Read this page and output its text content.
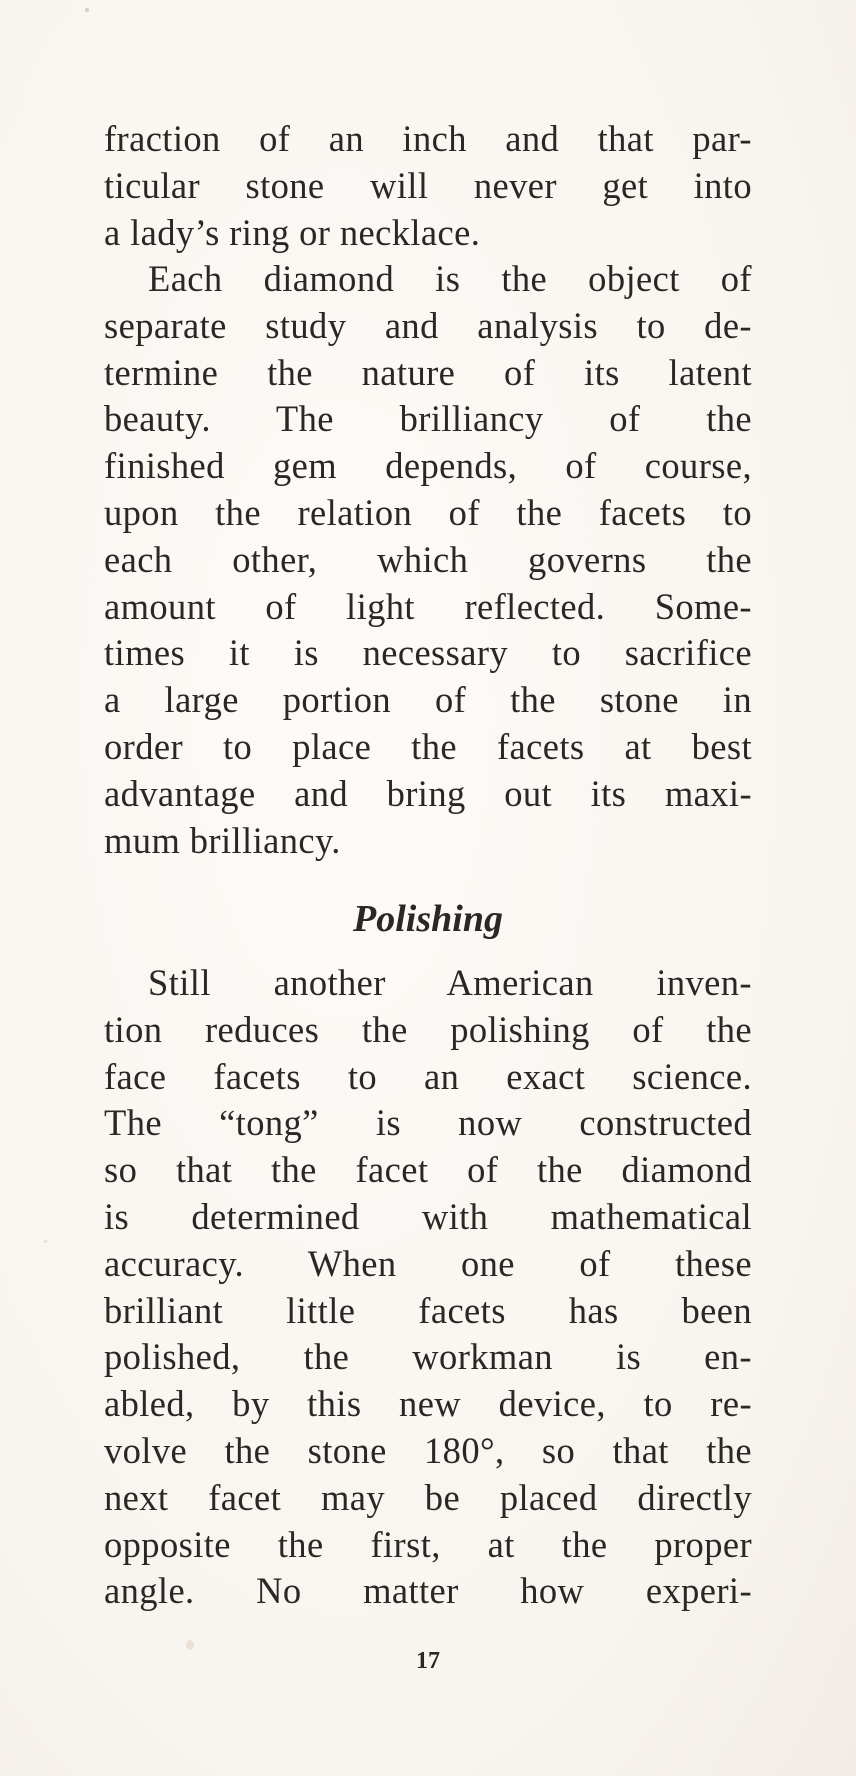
fraction of an inch and that par-
ticular stone will never get into
a lady’s ring or necklace.
Each diamond is the object of
separate study and analysis to de-
termine the nature of its latent
beauty. The brilliancy of the
finished gem depends, of course,
upon the relation of the facets to
each other, which governs the
amount of light reflected. Some-
times it is necessary to sacrifice
a large portion of the stone in
order to place the facets at best
advantage and bring out its maxi-
mum brilliancy.
Polishing
Still another American inven-
tion reduces the polishing of the
face facets to an exact science.
The “tong” is now constructed
so that the facet of the diamond
is determined with mathematical
accuracy. When one of these
brilliant little facets has been
polished, the workman is en-
abled, by this new device, to re-
volve the stone 180°, so that the
next facet may be placed directly
opposite the first, at the proper
angle. No matter how experi-
17
